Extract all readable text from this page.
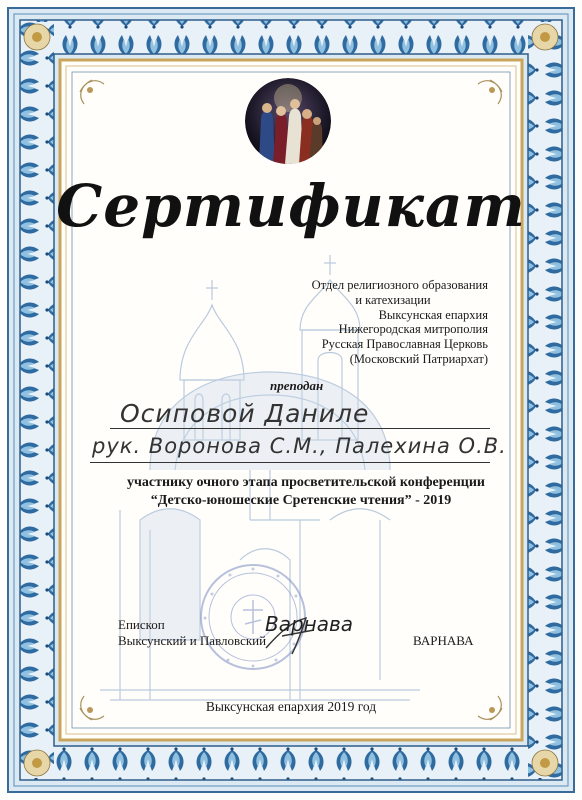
Сертификат
Отдел религиозного образования
и катехизации
Выксунская епархия
Нижегородская митрополия
Русская Православная Церковь
(Московский Патриархат)
преподан
Осиповой Даниле
рук. Воронова С.М., Палехина О.В.
участнику очного этапа просветительской конференции
“Детско-юношеские Сретенские чтения” - 2019
Епископ
Выксунский и Павловский
Варнава
ВАРНАВА
Выксунская епархия 2019 год
